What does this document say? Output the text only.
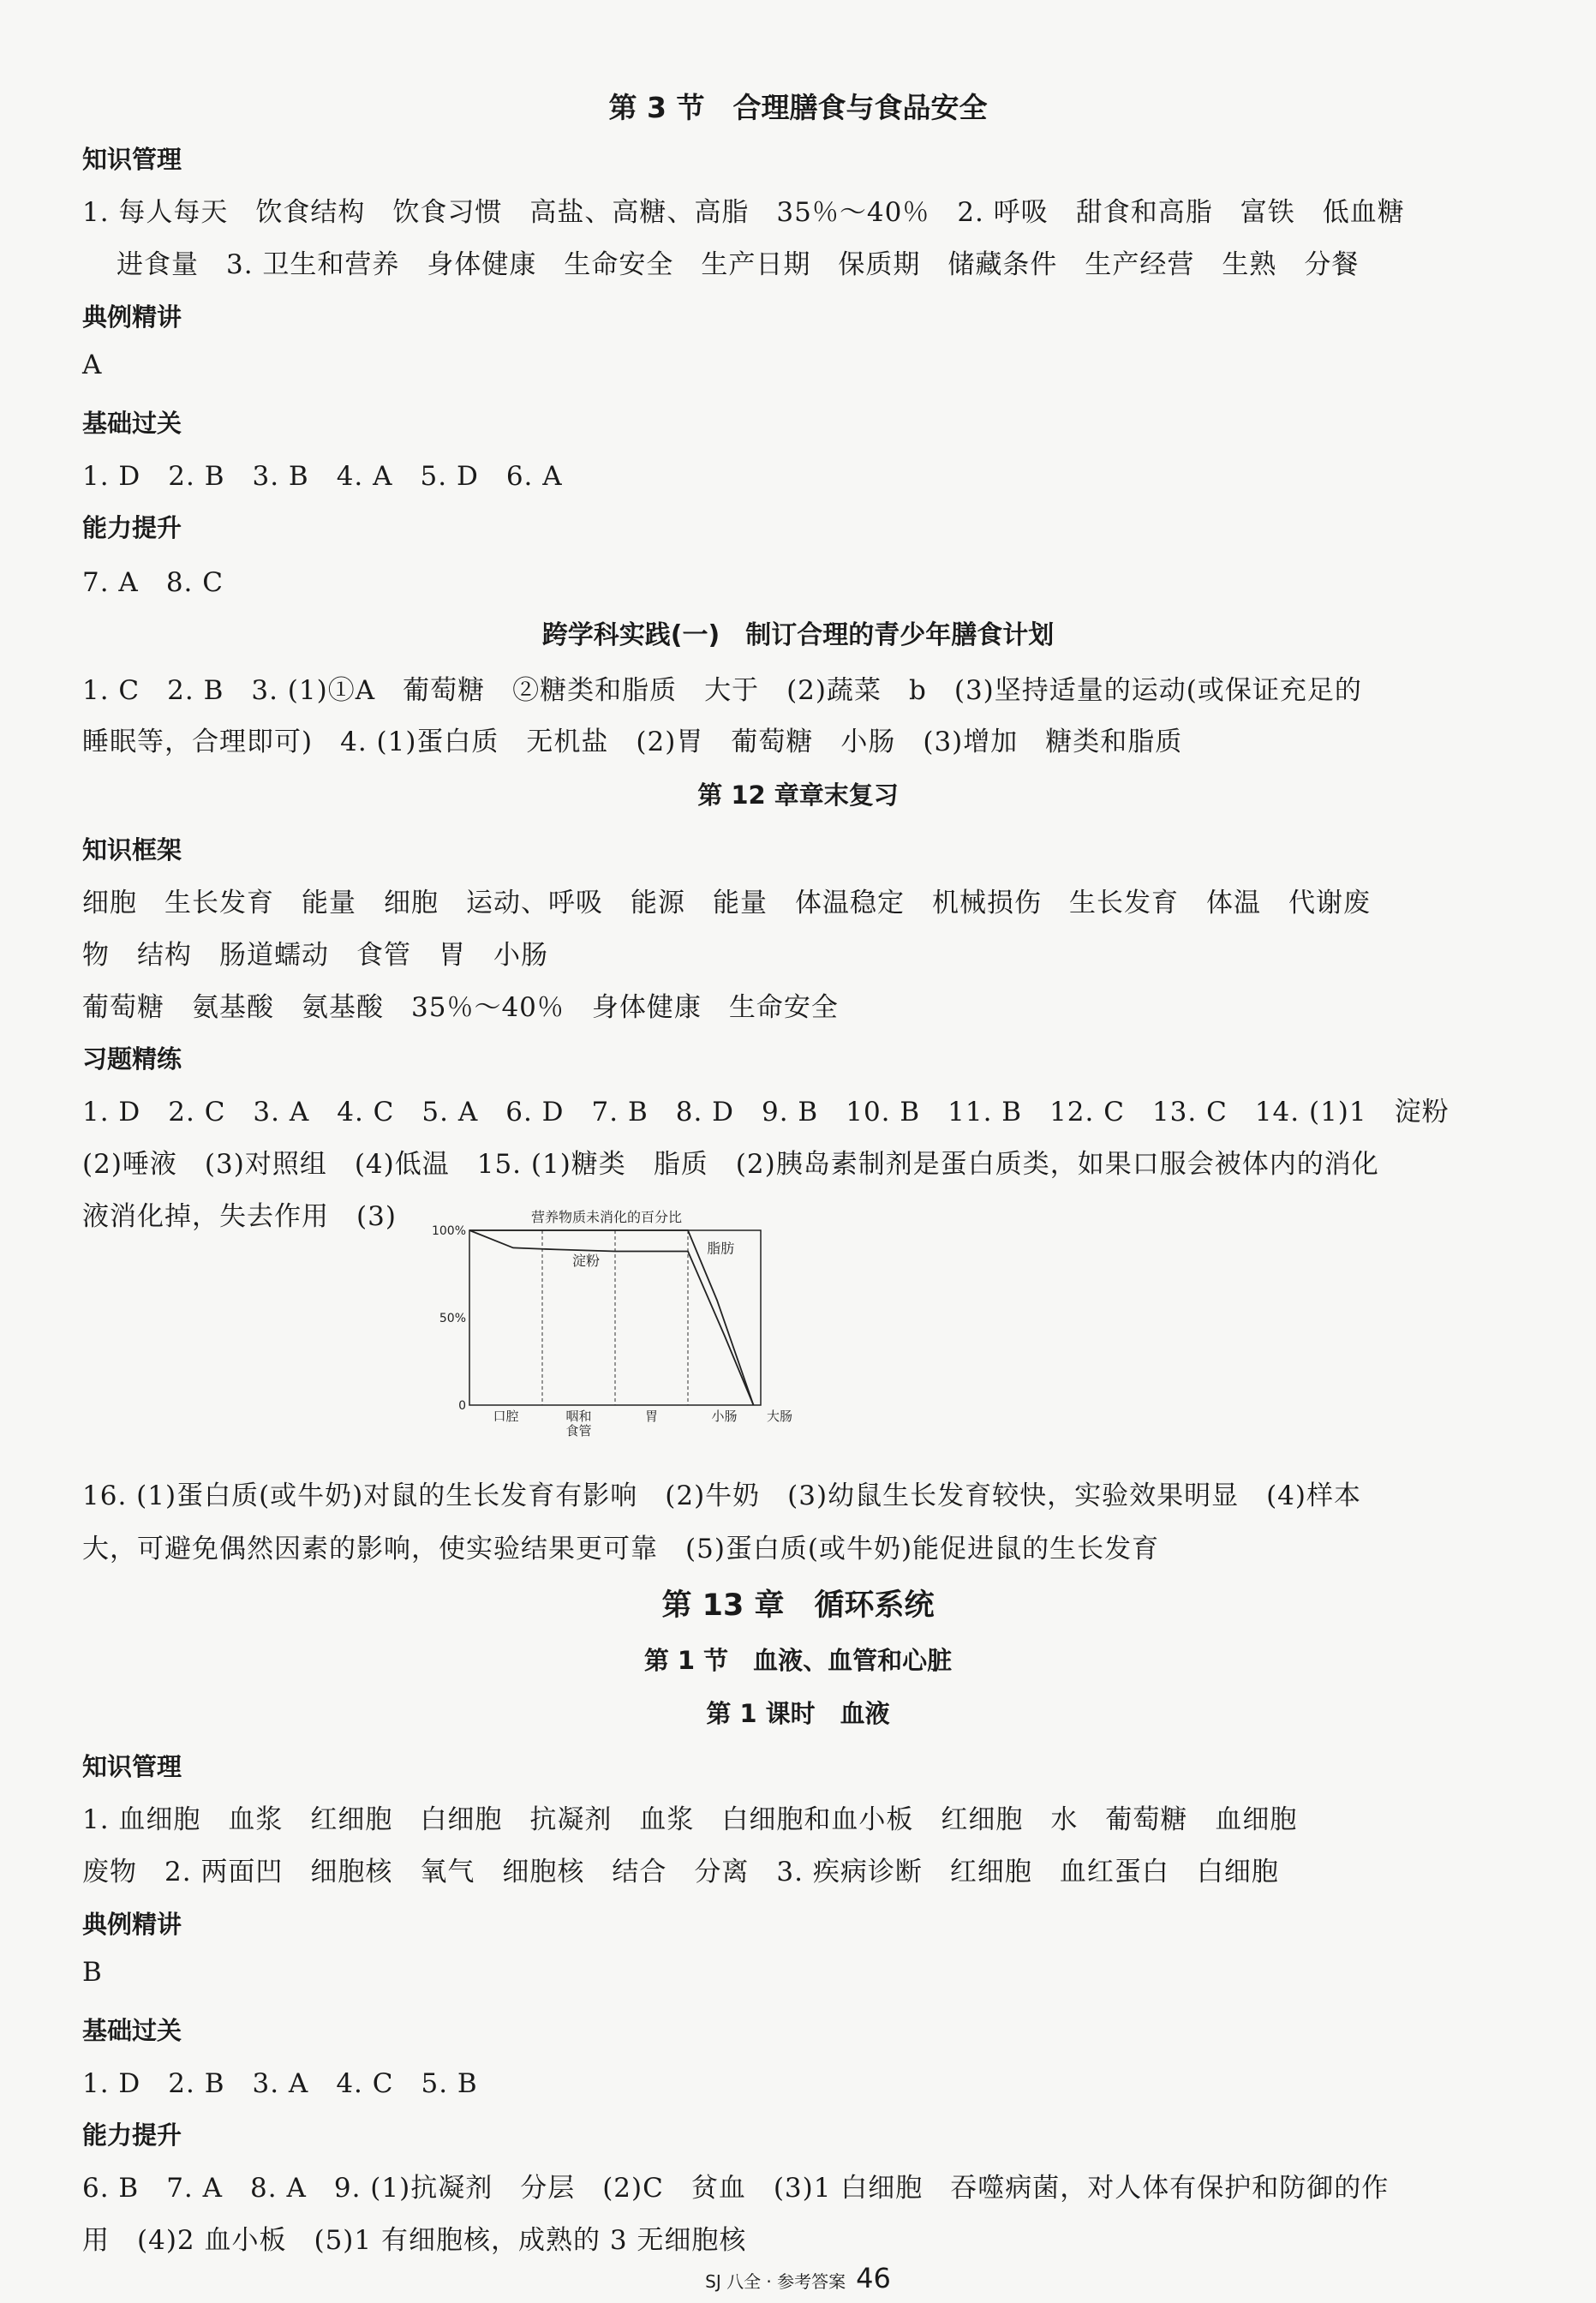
第 3 节　合理膳食与食品安全
知识管理
1. 每人每天　饮食结构　饮食习惯　高盐、高糖、高脂　35％～40％　2. 呼吸　甜食和高脂　富铁　低血糖
进食量　3. 卫生和营养　身体健康　生命安全　生产日期　保质期　储藏条件　生产经营　生熟　分餐
典例精讲
A
基础过关
1. D　2. B　3. B　4. A　5. D　6. A
能力提升
7. A　8. C
跨学科实践(一)　制订合理的青少年膳食计划
1. C　2. B　3. (1)①A　葡萄糖　②糖类和脂质　大于　(2)蔬菜　b　(3)坚持适量的运动(或保证充足的
睡眠等，合理即可)　4. (1)蛋白质　无机盐　(2)胃　葡萄糖　小肠　(3)增加　糖类和脂质
第 12 章章末复习
知识框架
细胞　生长发育　能量　细胞　运动、呼吸　能源　能量　体温稳定　机械损伤　生长发育　体温　代谢废
物　结构　肠道蠕动　食管　胃　小肠
葡萄糖　氨基酸　氨基酸　35％～40％　身体健康　生命安全
习题精练
1. D　2. C　3. A　4. C　5. A　6. D　7. B　8. D　9. B　10. B　11. B　12. C　13. C　14. (1)1　淀粉
(2)唾液　(3)对照组　(4)低温　15. (1)糖类　脂质　(2)胰岛素制剂是蛋白质类，如果口服会被体内的消化
液消化掉，失去作用　(3)	营养物质未消化的百分比
100%
50%
0
口腔	咽和
食管
胃	小肠 大肠
淀粉
脂肪
16. (1)蛋白质(或牛奶)对鼠的生长发育有影响　(2)牛奶　(3)幼鼠生长发育较快，实验效果明显　(4)样本
大，可避免偶然因素的影响，使实验结果更可靠　(5)蛋白质(或牛奶)能促进鼠的生长发育
第 13 章　循环系统
第 1 节　血液、血管和心脏
第 1 课时　血液
知识管理
1. 血细胞　血浆　红细胞　白细胞　抗凝剂　血浆　白细胞和血小板　红细胞　水　葡萄糖　血细胞
废物　2. 两面凹　细胞核　氧气　细胞核　结合　分离　3. 疾病诊断　红细胞　血红蛋白　白细胞
典例精讲
B
基础过关
1. D　2. B　3. A　4. C　5. B
能力提升
6. B　7. A　8. A　9. (1)抗凝剂　分层　(2)C　贫血　(3)1 白细胞　吞噬病菌，对人体有保护和防御的作
用　(4)2 血小板　(5)1 有细胞核，成熟的 3 无细胞核
SJ 八全 · 参考答案 46
